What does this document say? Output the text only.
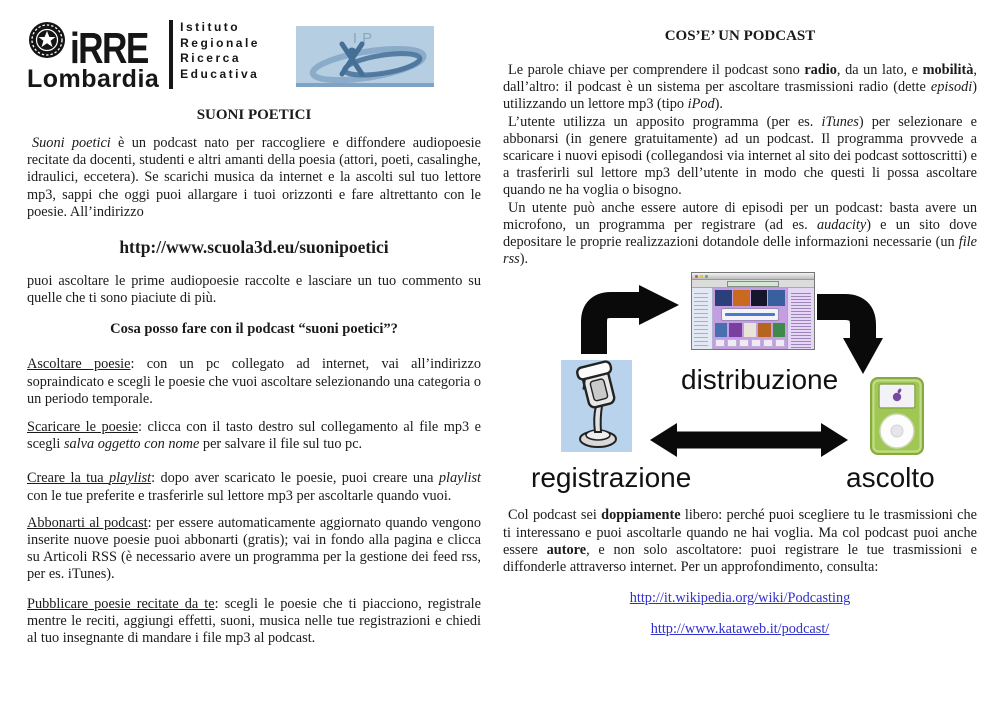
iRRE
Lombardia
Istituto
Regionale
Ricerca
Educativa
IP
SUONI POETICI

Suoni poetici è un podcast nato per raccogliere e diffondere audiopoesie recitate da docenti, studenti e altri amanti della poesia (attori, poeti, casalinghe, idraulici, eccetera). Se scarichi musica da internet e la ascolti sul tuo lettore mp3, sappi che oggi puoi allargare i tuoi orizzonti e fare altrettanto con le poesie. All’indirizzo

http://www.scuola3d.eu/suonipoetici

puoi ascoltare le prime audiopoesie raccolte e lasciare un tuo commento su quelle che ti sono piaciute di più.

Cosa posso fare con il podcast “suoni poetici”?

Ascoltare poesie: con un pc collegato ad internet, vai all’indirizzo sopraindicato e scegli le poesie che vuoi ascoltare selezionando una categoria o un periodo temporale.

Scaricare le poesie: clicca con il tasto destro sul collegamento al file mp3 e scegli salva oggetto con nome per salvare il file sul tuo pc.

Creare la tua playlist: dopo aver scaricato le poesie, puoi creare una playlist con le tue preferite e trasferirle sul lettore mp3 per ascoltarle quando vuoi.

Abbonarti al podcast: per essere automaticamente aggiornato quando vengono inserite nuove poesie puoi abbonarti (gratis); vai in fondo alla pagina e clicca su Articoli RSS (è necessario avere un programma per la gestione dei feed rss, per es. iTunes).

Pubblicare poesie recitate da te: scegli le poesie che ti piacciono, registrale mentre le reciti, aggiungi effetti, suoni, musica nelle tue registrazioni e chiedi al tuo insegnante di mandare i file mp3 al podcast.

COS’E’ UN PODCAST

Le parole chiave per comprendere il podcast sono radio, da un lato, e mobilità, dall’altro: il podcast è un sistema per ascoltare trasmissioni radio (dette episodi) utilizzando un lettore mp3 (tipo iPod).

L’utente utilizza un apposito programma (per es. iTunes) per selezionare e abbonarsi (in genere gratuitamente) ad un podcast. Il programma provvede a scaricare i nuovi episodi (collegandosi via internet al sito dei podcast sottoscritti) e a trasferirli sul lettore mp3 dell’utente in modo che questi li possa ascoltare quando ne ha voglia o bisogno.

Un utente può anche essere autore di episodi per un podcast: basta avere un microfono, un programma per registrare (ad es. audacity) e un sito dove depositare le proprie realizzazioni dotandole delle informazioni necessarie (un file rss).

distribuzione
registrazione	ascolto

Col podcast sei doppiamente libero: perché puoi scegliere tu le trasmissioni che ti interessano e puoi ascoltarle quando ne hai voglia. Ma col podcast puoi anche essere autore, e non solo ascoltatore: puoi registrare le tue trasmissioni e diffonderle attraverso internet. Per un approfondimento, consulta:

http://it.wikipedia.org/wiki/Podcasting
http://www.kataweb.it/podcast/
